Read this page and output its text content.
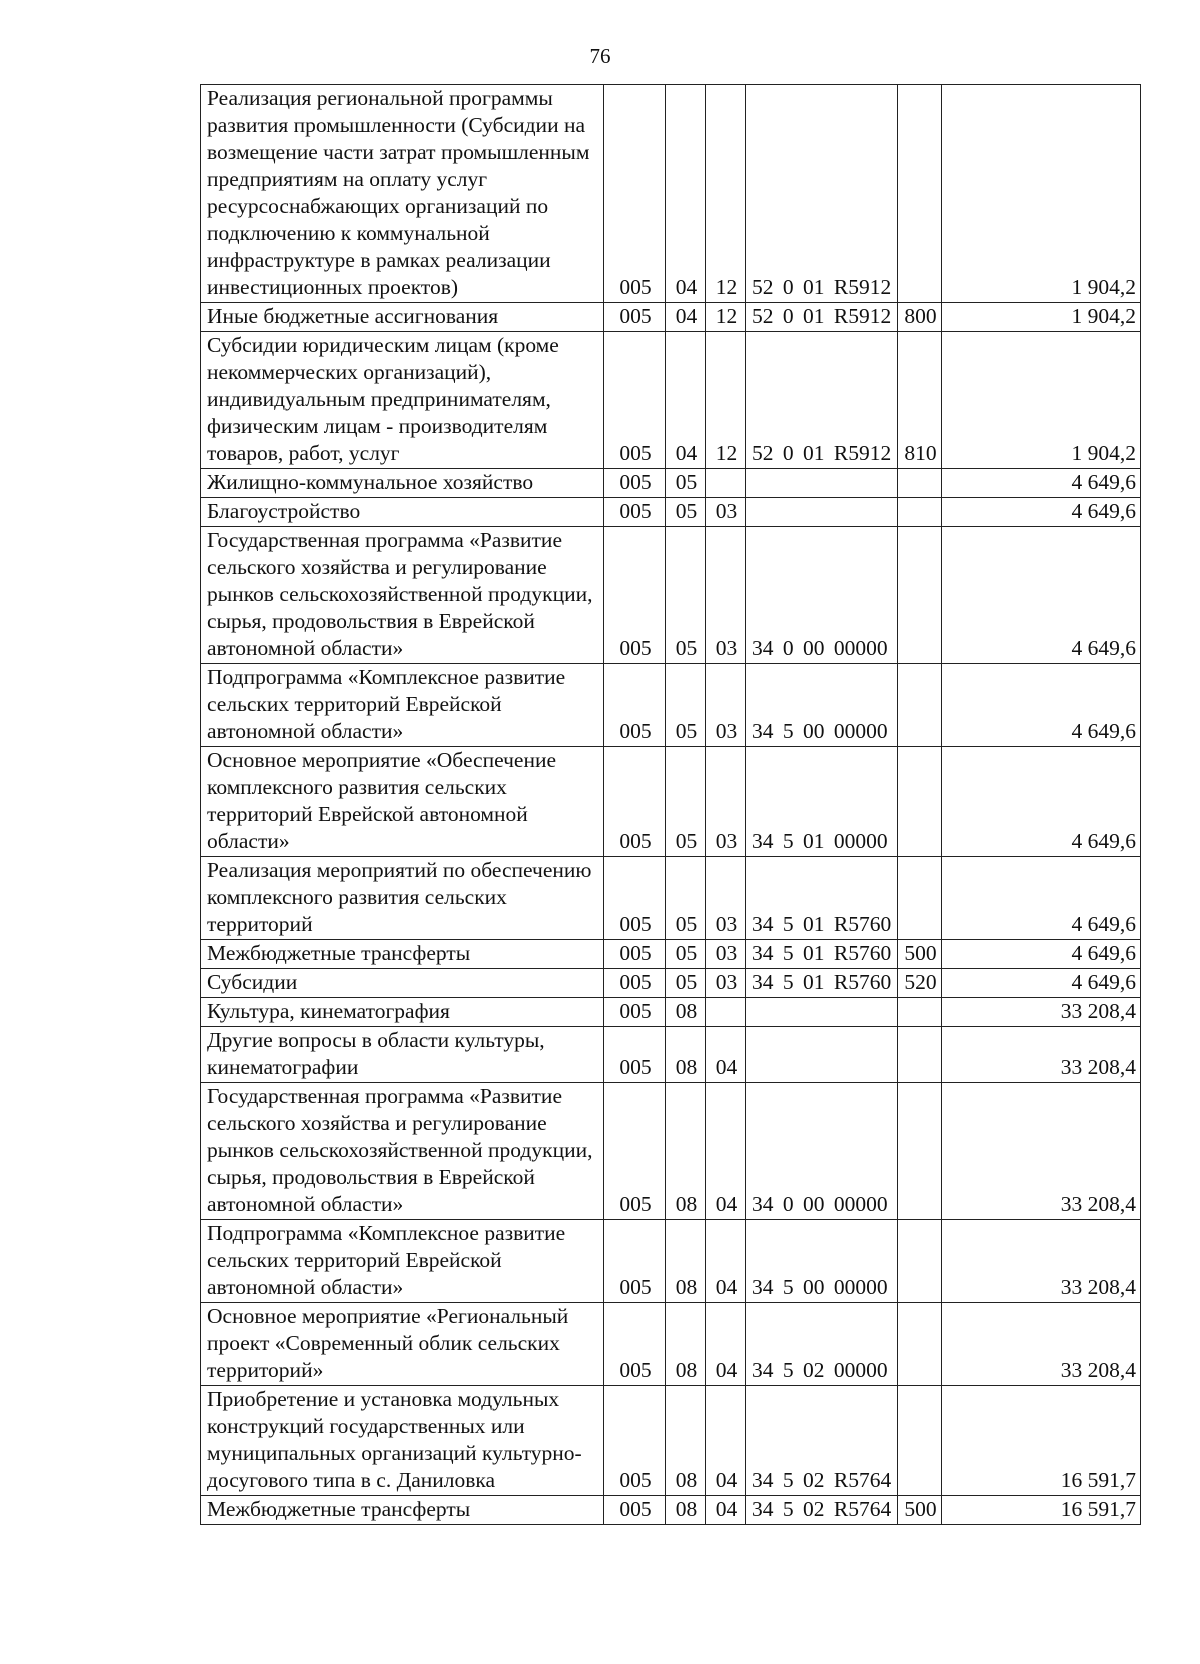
76
Реализация региональной программы развития промышленности (Субсидии на возмещение части затрат промышленным предприятиям на оплату услуг ресурсоснабжающих организаций по подключению к коммунальной инфраструктуре в рамках реализации инвестиционных проектов)	005	04	12	52 0 01 R5912		1 904,2
Иные бюджетные ассигнования	005	04	12	52 0 01 R5912	800	1 904,2
Субсидии юридическим лицам (кроме некоммерческих организаций), индивидуальным предпринимателям, физическим лицам - производителям товаров, работ, услуг	005	04	12	52 0 01 R5912	810	1 904,2
Жилищно-коммунальное хозяйство	005	05				4 649,6
Благоустройство	005	05	03			4 649,6
Государственная программа «Развитие сельского хозяйства и регулирование рынков сельскохозяйственной продукции, сырья, продовольствия в Еврейской автономной области»	005	05	03	34 0 00 00000		4 649,6
Подпрограмма «Комплексное развитие сельских территорий Еврейской автономной области»	005	05	03	34 5 00 00000		4 649,6
Основное мероприятие «Обеспечение комплексного развития сельских территорий Еврейской автономной области»	005	05	03	34 5 01 00000		4 649,6
Реализация мероприятий по обеспечению комплексного развития сельских территорий	005	05	03	34 5 01 R5760		4 649,6
Межбюджетные трансферты	005	05	03	34 5 01 R5760	500	4 649,6
Субсидии	005	05	03	34 5 01 R5760	520	4 649,6
Культура, кинематография	005	08				33 208,4
Другие вопросы в области культуры, кинематографии	005	08	04			33 208,4
Государственная программа «Развитие сельского хозяйства и регулирование рынков сельскохозяйственной продукции, сырья, продовольствия в Еврейской автономной области»	005	08	04	34 0 00 00000		33 208,4
Подпрограмма «Комплексное развитие сельских территорий Еврейской автономной области»	005	08	04	34 5 00 00000		33 208,4
Основное мероприятие «Региональный проект «Современный облик сельских территорий»	005	08	04	34 5 02 00000		33 208,4
Приобретение и установка модульных конструкций государственных или муниципальных организаций культурно-досугового типа в с. Даниловка	005	08	04	34 5 02 R5764		16 591,7
Межбюджетные трансферты	005	08	04	34 5 02 R5764	500	16 591,7
